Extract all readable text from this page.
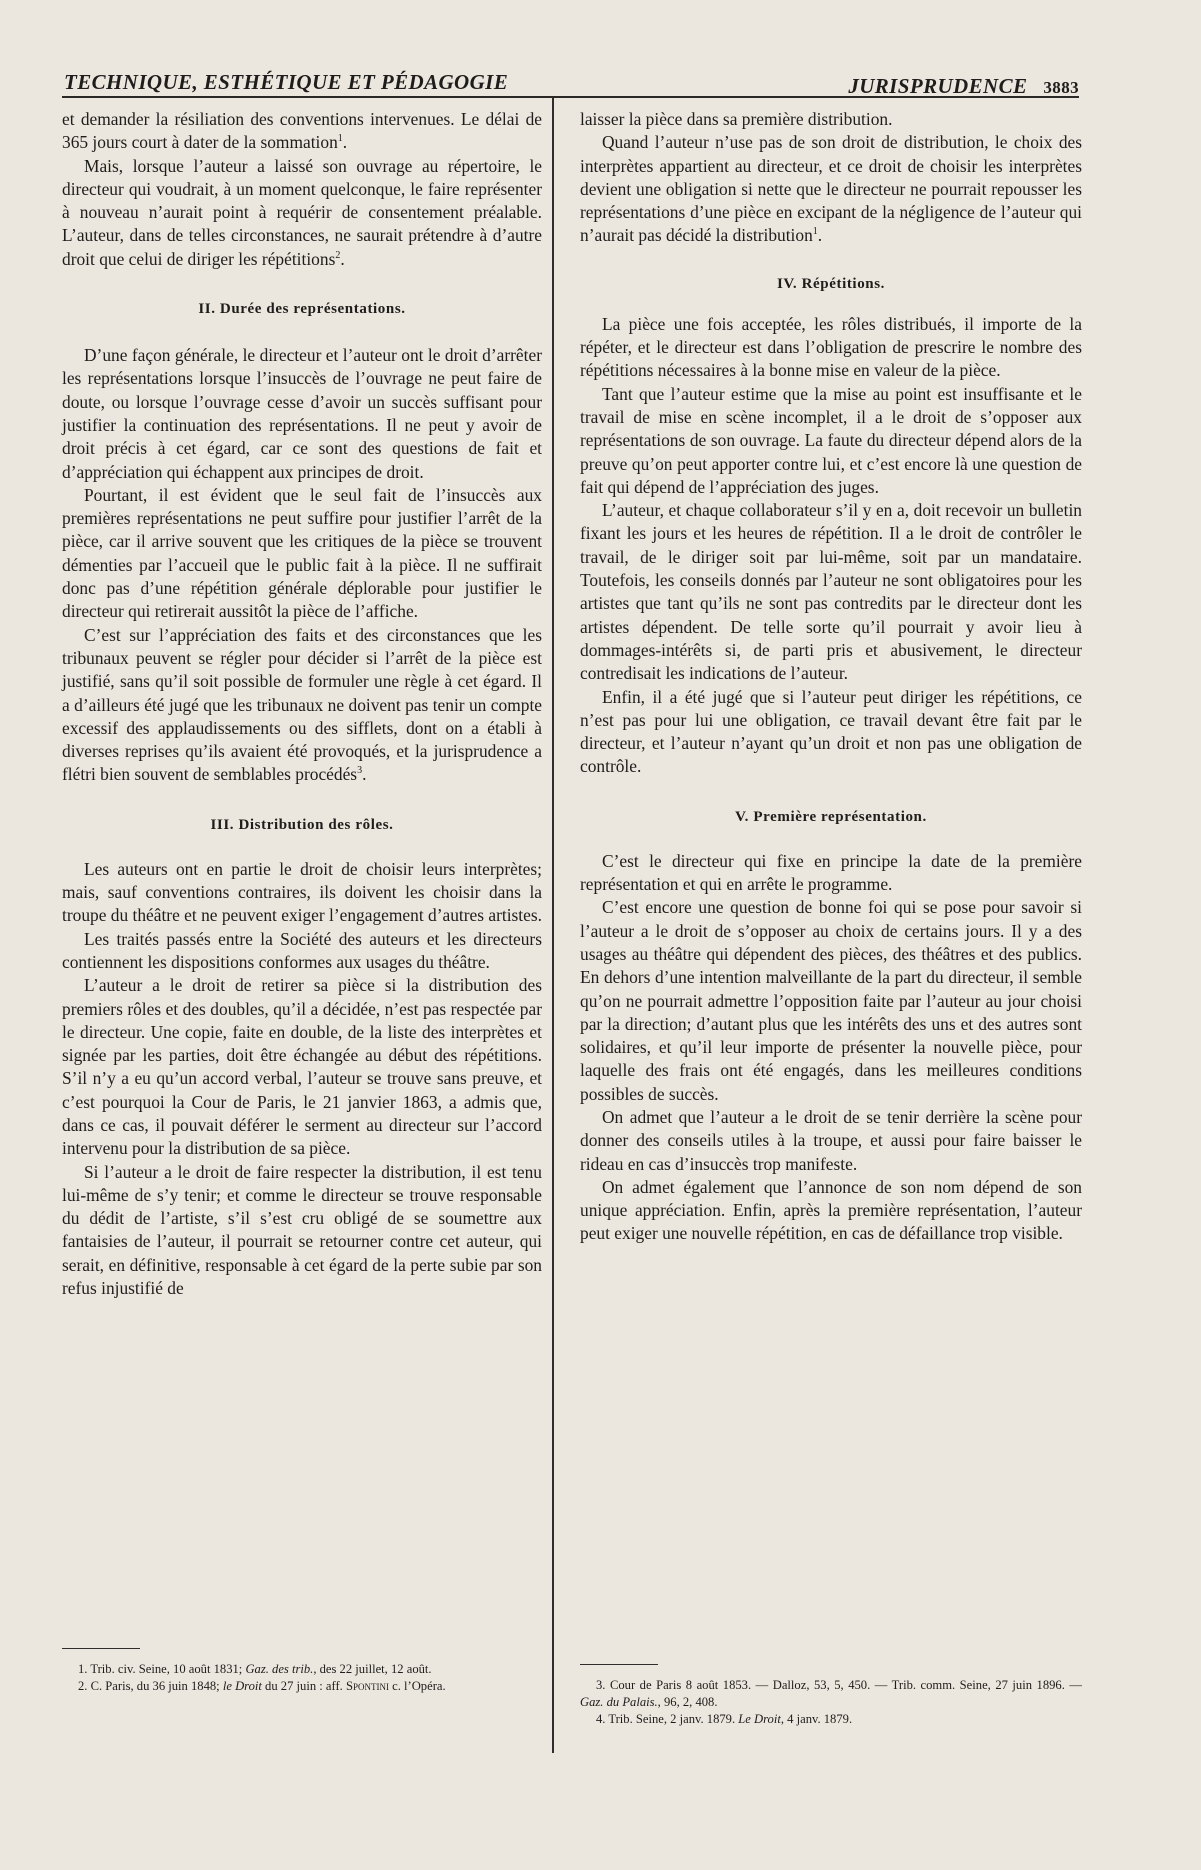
TECHNIQUE, ESTHÉTIQUE ET PÉDAGOGIE	JURISPRUDENCE 3883

et demander la résiliation des conventions intervenues. Le délai de 365 jours court à dater de la sommation$^1$.

Mais, lorsque l’auteur a laissé son ouvrage au répertoire, le directeur qui voudrait, à un moment quelconque, le faire représenter à nouveau n’aurait point à requérir de consentement préalable. L’auteur, dans de telles circonstances, ne saurait prétendre à d’autre droit que celui de diriger les répétitions$^2$.

II. Durée des représentations.

D’une façon générale, le directeur et l’auteur ont le droit d’arrêter les représentations lorsque l’insuccès de l’ouvrage ne peut faire de doute, ou lorsque l’ouvrage cesse d’avoir un succès suffisant pour justifier la continuation des représentations. Il ne peut y avoir de droit précis à cet égard, car ce sont des questions de fait et d’appréciation qui échappent aux principes de droit.

Pourtant, il est évident que le seul fait de l’insuccès aux premières représentations ne peut suffire pour justifier l’arrêt de la pièce, car il arrive souvent que les critiques de la pièce se trouvent démenties par l’accueil que le public fait à la pièce. Il ne suffirait donc pas d’une répétition générale déplorable pour justifier le directeur qui retirerait aussitôt la pièce de l’affiche.

C’est sur l’appréciation des faits et des circonstances que les tribunaux peuvent se régler pour décider si l’arrêt de la pièce est justifié, sans qu’il soit possible de formuler une règle à cet égard. Il a d’ailleurs été jugé que les tribunaux ne doivent pas tenir un compte excessif des applaudissements ou des sifflets, dont on a établi à diverses reprises qu’ils avaient été provoqués, et la jurisprudence a flétri bien souvent de semblables procédés$^3$.

III. Distribution des rôles.

Les auteurs ont en partie le droit de choisir leurs interprètes; mais, sauf conventions contraires, ils doivent les choisir dans la troupe du théâtre et ne peuvent exiger l’engagement d’autres artistes.

Les traités passés entre la Société des auteurs et les directeurs contiennent les dispositions conformes aux usages du théâtre.

L’auteur a le droit de retirer sa pièce si la distribution des premiers rôles et des doubles, qu’il a décidée, n’est pas respectée par le directeur. Une copie, faite en double, de la liste des interprètes et signée par les parties, doit être échangée au début des répétitions. S’il n’y a eu qu’un accord verbal, l’auteur se trouve sans preuve, et c’est pourquoi la Cour de Paris, le 21 janvier 1863, a admis que, dans ce cas, il pouvait déférer le serment au directeur sur l’accord intervenu pour la distribution de sa pièce.

Si l’auteur a le droit de faire respecter la distribution, il est tenu lui-même de s’y tenir; et comme le directeur se trouve responsable du dédit de l’artiste, s’il s’est cru obligé de se soumettre aux fantaisies de l’auteur, il pourrait se retourner contre cet auteur, qui serait, en définitive, responsable à cet égard de la perte subie par son refus injustifié de

1. Trib. civ. Seine, 10 août 1831; Gaz. des trib., des 22 juillet, 12 août.

2. C. Paris, du 36 juin 1848; le Droit du 27 juin : aff. Spontini c. l’Opéra.

laisser la pièce dans sa première distribution.

Quand l’auteur n’use pas de son droit de distribution, le choix des interprètes appartient au directeur, et ce droit de choisir les interprètes devient une obligation si nette que le directeur ne pourrait repousser les représentations d’une pièce en excipant de la négligence de l’auteur qui n’aurait pas décidé la distribution$^1$.

IV. Répétitions.

La pièce une fois acceptée, les rôles distribués, il importe de la répéter, et le directeur est dans l’obligation de prescrire le nombre des répétitions nécessaires à la bonne mise en valeur de la pièce.

Tant que l’auteur estime que la mise au point est insuffisante et le travail de mise en scène incomplet, il a le droit de s’opposer aux représentations de son ouvrage. La faute du directeur dépend alors de la preuve qu’on peut apporter contre lui, et c’est encore là une question de fait qui dépend de l’appréciation des juges.

L’auteur, et chaque collaborateur s’il y en a, doit recevoir un bulletin fixant les jours et les heures de répétition. Il a le droit de contrôler le travail, de le diriger soit par lui-même, soit par un mandataire. Toutefois, les conseils donnés par l’auteur ne sont obligatoires pour les artistes que tant qu’ils ne sont pas contredits par le directeur dont les artistes dépendent. De telle sorte qu’il pourrait y avoir lieu à dommages-intérêts si, de parti pris et abusivement, le directeur contredisait les indications de l’auteur.

Enfin, il a été jugé que si l’auteur peut diriger les répétitions, ce n’est pas pour lui une obligation, ce travail devant être fait par le directeur, et l’auteur n’ayant qu’un droit et non pas une obligation de contrôle.

V. Première représentation.

C’est le directeur qui fixe en principe la date de la première représentation et qui en arrête le programme.

C’est encore une question de bonne foi qui se pose pour savoir si l’auteur a le droit de s’opposer au choix de certains jours. Il y a des usages au théâtre qui dépendent des pièces, des théâtres et des publics. En dehors d’une intention malveillante de la part du directeur, il semble qu’on ne pourrait admettre l’opposition faite par l’auteur au jour choisi par la direction; d’autant plus que les intérêts des uns et des autres sont solidaires, et qu’il leur importe de présenter la nouvelle pièce, pour laquelle des frais ont été engagés, dans les meilleures conditions possibles de succès.

On admet que l’auteur a le droit de se tenir derrière la scène pour donner des conseils utiles à la troupe, et aussi pour faire baisser le rideau en cas d’insuccès trop manifeste.

On admet également que l’annonce de son nom dépend de son unique appréciation. Enfin, après la première représentation, l’auteur peut exiger une nouvelle répétition, en cas de défaillance trop visible.

3. Cour de Paris 8 août 1853. — Dalloz, 53, 5, 450. — Trib. comm. Seine, 27 juin 1896. — Gaz. du Palais., 96, 2, 408.

4. Trib. Seine, 2 janv. 1879. Le Droit, 4 janv. 1879.
